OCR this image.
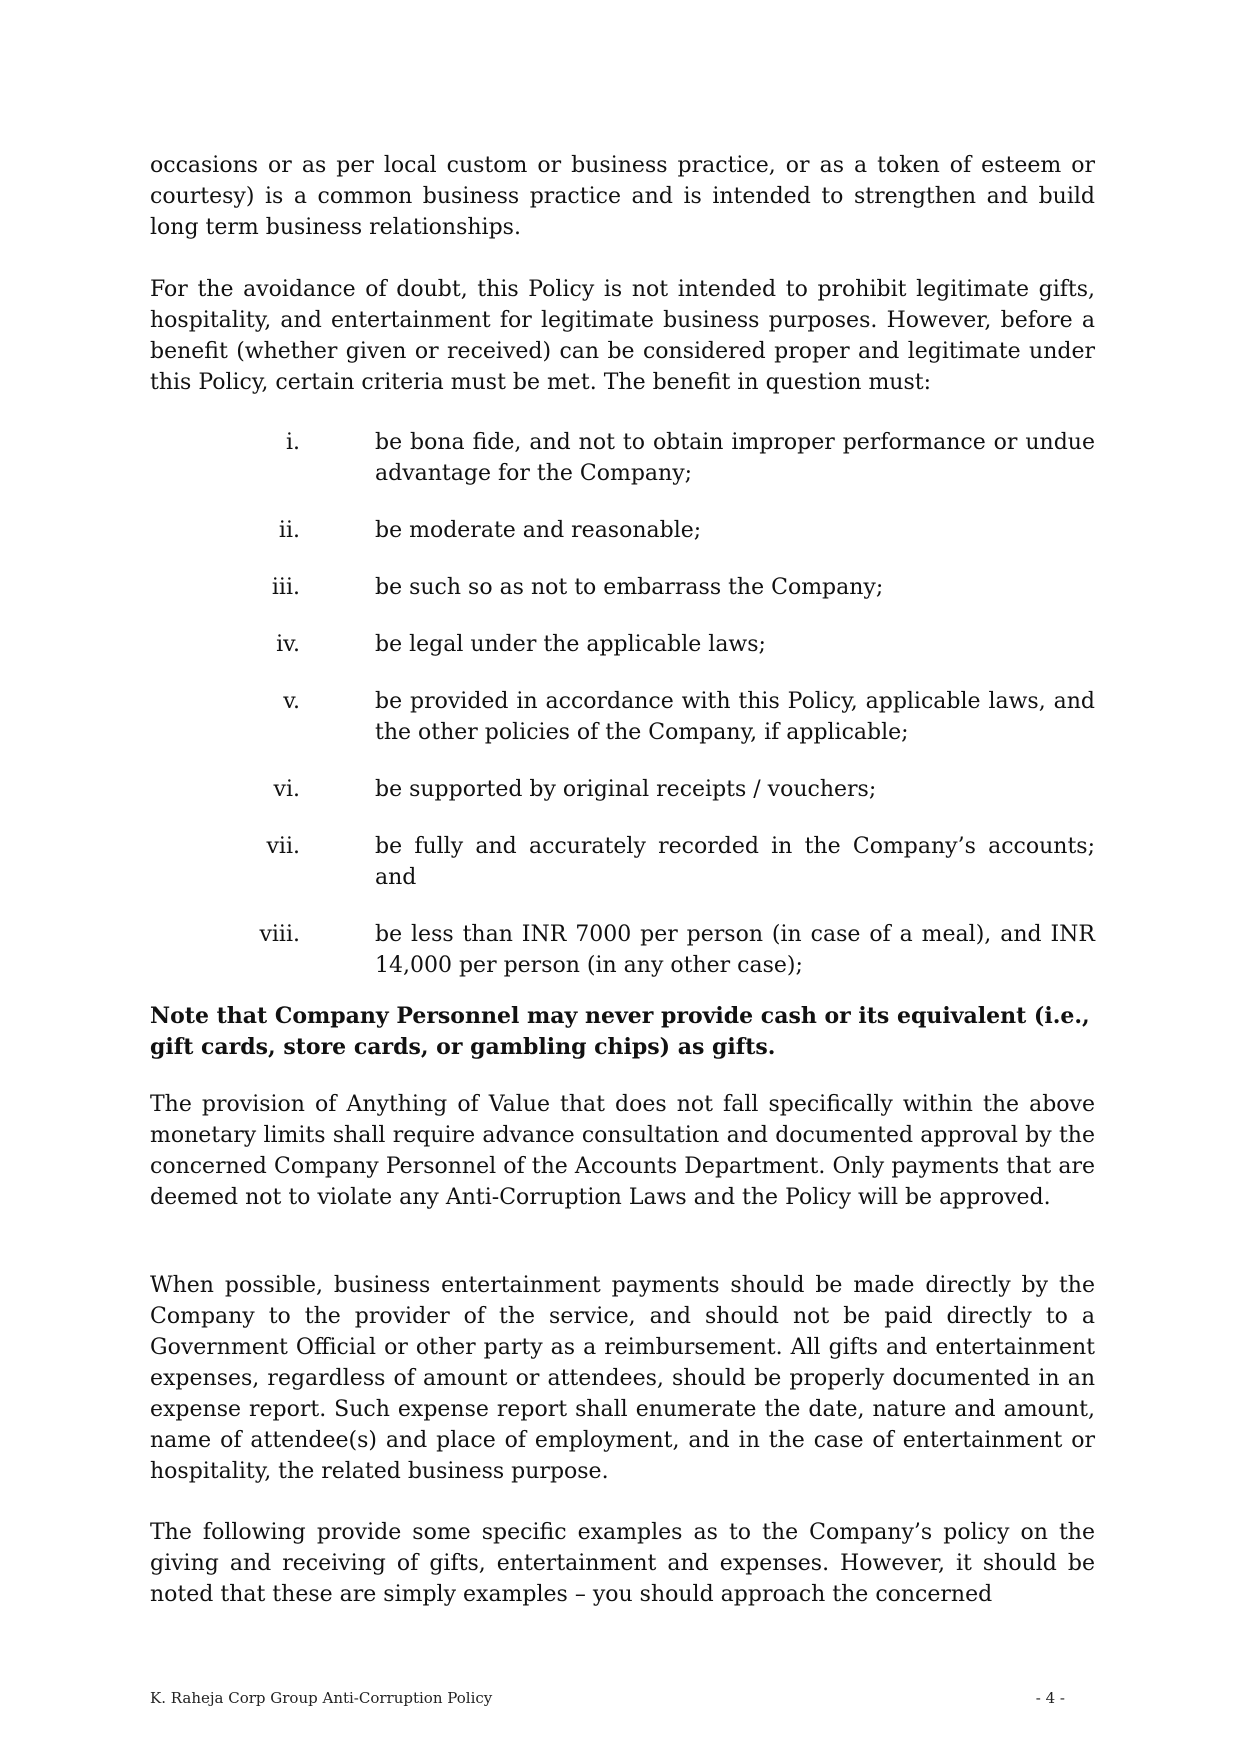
occasions or as per local custom or business practice, or as a token of esteem or courtesy) is a common business practice and is intended to strengthen and build long term business relationships.

For the avoidance of doubt, this Policy is not intended to prohibit legitimate gifts, hospitality, and entertainment for legitimate business purposes. However, before a benefit (whether given or received) can be considered proper and legitimate under this Policy, certain criteria must be met. The benefit in question must:

i.	be bona fide, and not to obtain improper performance or undue advantage for the Company;
ii.	be moderate and reasonable;
iii.	be such so as not to embarrass the Company;
iv.	be legal under the applicable laws;
v.	be provided in accordance with this Policy, applicable laws, and the other policies of the Company, if applicable;
vi.	be supported by original receipts / vouchers;
vii.	be fully and accurately recorded in the Company’s accounts; and
viii.	be less than INR 7000 per person (in case of a meal), and INR 14,000 per person (in any other case);

Note that Company Personnel may never provide cash or its equivalent (i.e., gift cards, store cards, or gambling chips) as gifts.

The provision of Anything of Value that does not fall specifically within the above monetary limits shall require advance consultation and documented approval by the concerned Company Personnel of the Accounts Department. Only payments that are deemed not to violate any Anti-Corruption Laws and the Policy will be approved.

When possible, business entertainment payments should be made directly by the Company to the provider of the service, and should not be paid directly to a Government Official or other party as a reimbursement. All gifts and entertainment expenses, regardless of amount or attendees, should be properly documented in an expense report. Such expense report shall enumerate the date, nature and amount, name of attendee(s) and place of employment, and in the case of entertainment or hospitality, the related business purpose.

The following provide some specific examples as to the Company’s policy on the giving and receiving of gifts, entertainment and expenses. However, it should be noted that these are simply examples – you should approach the concerned

K. Raheja Corp Group Anti-Corruption Policy	- 4 -
